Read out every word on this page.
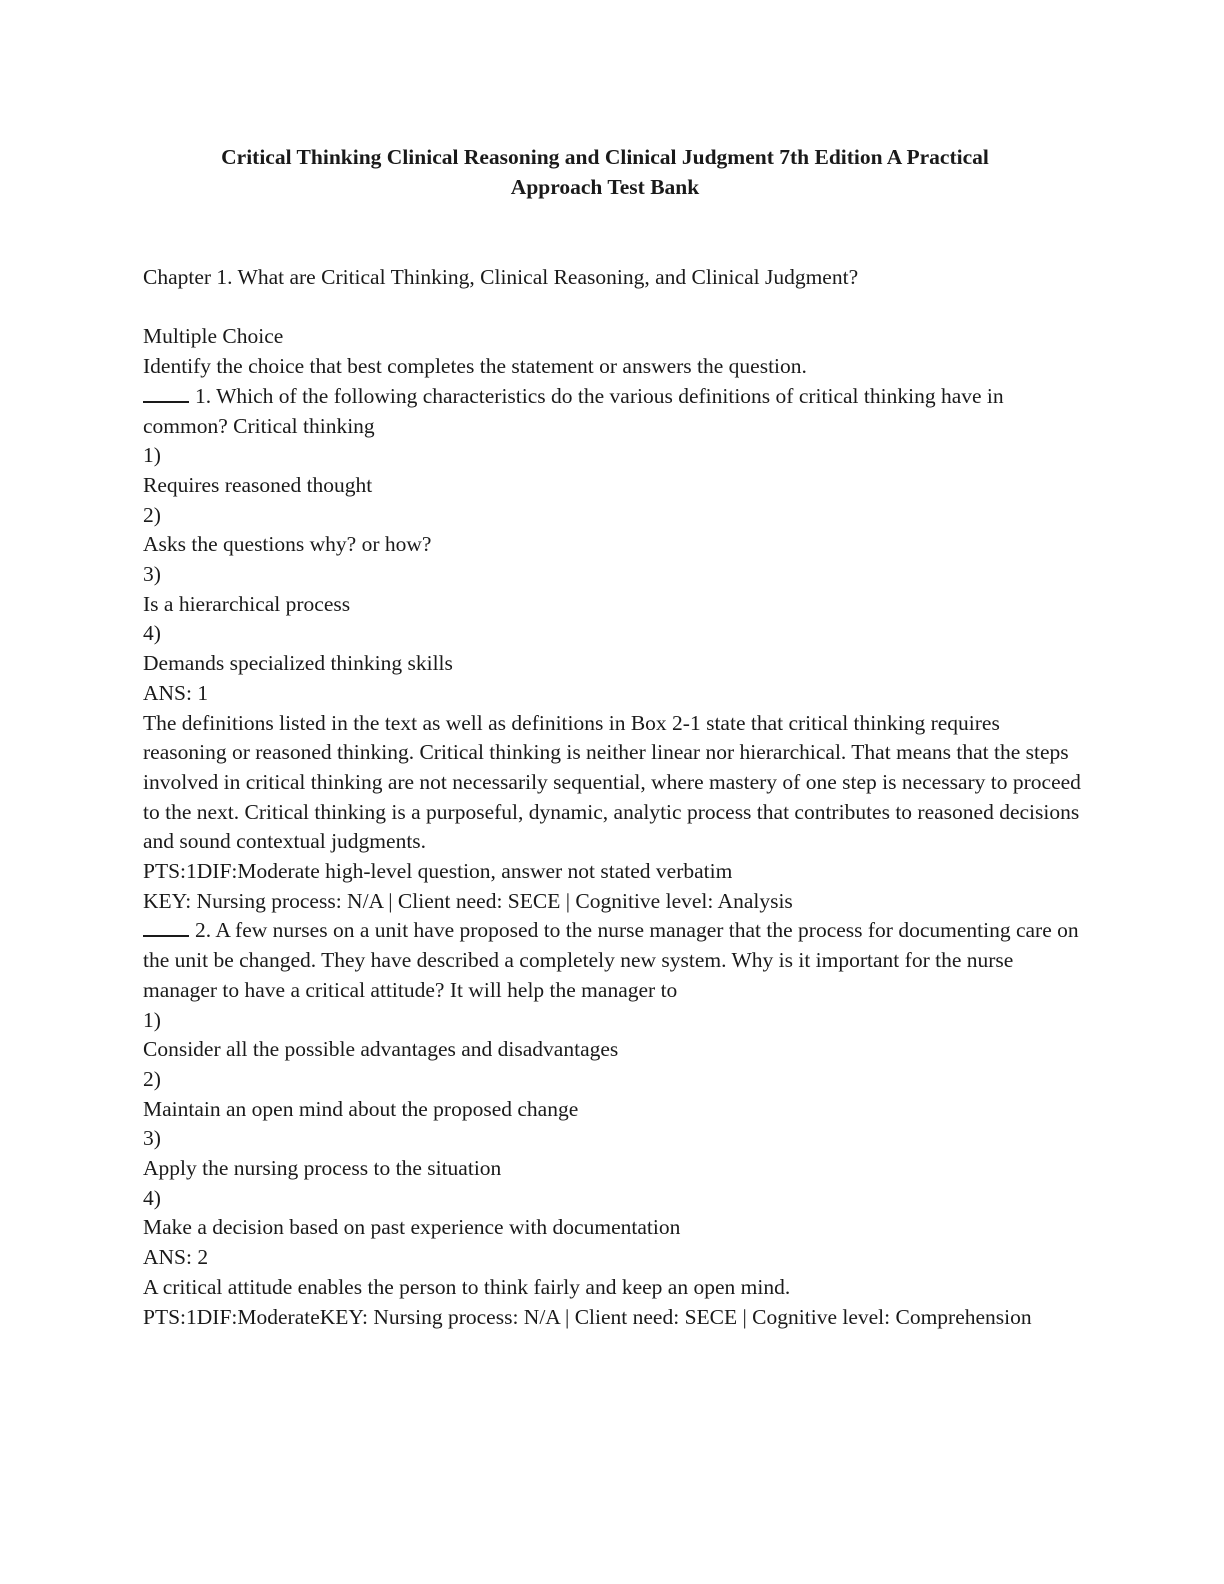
Critical Thinking Clinical Reasoning and Clinical Judgment 7th Edition A Practical
Approach Test Bank

Chapter 1. What are Critical Thinking, Clinical Reasoning, and Clinical Judgment?

Multiple Choice

Identify the choice that best completes the statement or answers the question.

1. Which of the following characteristics do the various definitions of critical thinking have in common? Critical thinking

1)

Requires reasoned thought

2)

Asks the questions why? or how?

3)

Is a hierarchical process

4)

Demands specialized thinking skills

ANS: 1

The definitions listed in the text as well as definitions in Box 2-1 state that critical thinking requires reasoning or reasoned thinking. Critical thinking is neither linear nor hierarchical. That means that the steps involved in critical thinking are not necessarily sequential, where mastery of one step is necessary to proceed to the next. Critical thinking is a purposeful, dynamic, analytic process that contributes to reasoned decisions and sound contextual judgments.

PTS:1DIF:Moderate high-level question, answer not stated verbatim

KEY: Nursing process: N/A | Client need: SECE | Cognitive level: Analysis

2. A few nurses on a unit have proposed to the nurse manager that the process for documenting care on the unit be changed. They have described a completely new system. Why is it important for the nurse manager to have a critical attitude? It will help the manager to

1)

Consider all the possible advantages and disadvantages

2)

Maintain an open mind about the proposed change

3)

Apply the nursing process to the situation

4)

Make a decision based on past experience with documentation

ANS: 2

A critical attitude enables the person to think fairly and keep an open mind.

PTS:1DIF:ModerateKEY: Nursing process: N/A | Client need: SECE | Cognitive level: Comprehension
